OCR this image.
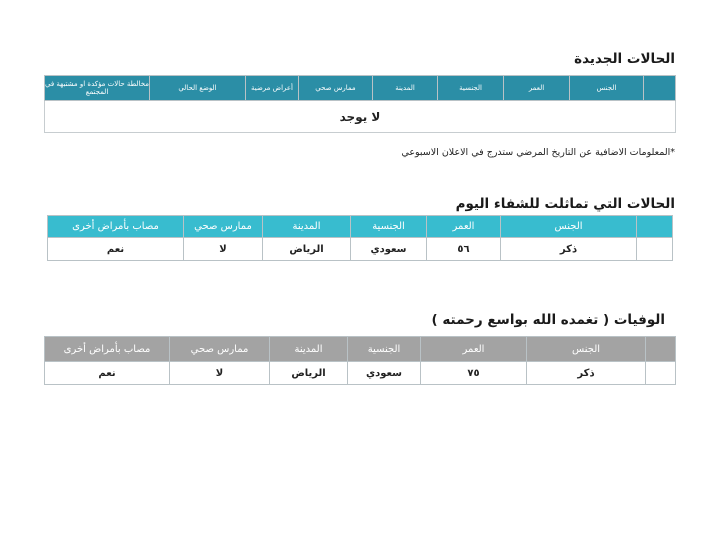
الحالات الجديدة
	الجنس	العمر	الجنسية	المدينة	ممارس صحي	أعراض مرضية	الوضع الحالي	مخالطة حالات مؤكدة او مشتبهة في المجتمع
لا يوجد
*المعلومات الاضافية عن التاريخ المرضي ستدرج في الاعلان الاسبوعي
الحالات التي تماثلت للشفاء اليوم
	الجنس	العمر	الجنسية	المدينة	ممارس صحي	مصاب بأمراض أخرى
	ذكر	٥٦	سعودي	الرياض	لا	نعم
الوفيات ( تغمده الله بواسع رحمته )
	الجنس	العمر	الجنسية	المدينة	ممارس صحي	مصاب بأمراض أخرى
	ذكر	٧٥	سعودي	الرياض	لا	نعم
